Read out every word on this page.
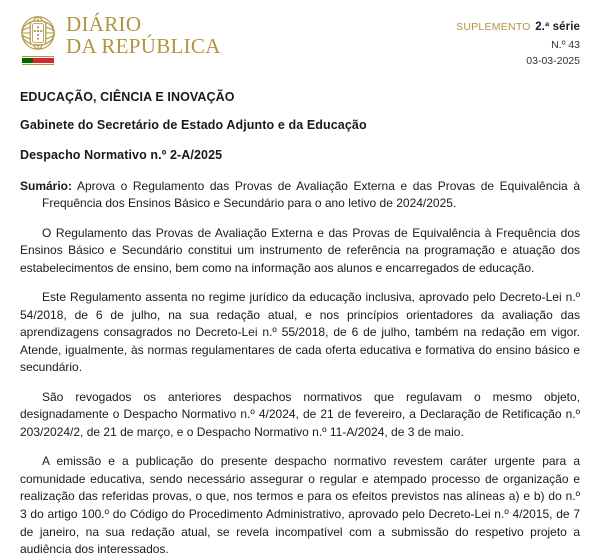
DIÁRIO
DA REPÚBLICA
SUPLEMENTO 2.ª série
N.º 43
03-03-2025
EDUCAÇÃO, CIÊNCIA E INOVAÇÃO
Gabinete do Secretário de Estado Adjunto e da Educação
Despacho Normativo n.º 2-A/2025
Sumário: Aprova o Regulamento das Provas de Avaliação Externa e das Provas de Equivalência à Frequência dos Ensinos Básico e Secundário para o ano letivo de 2024/2025.

O Regulamento das Provas de Avaliação Externa e das Provas de Equivalência à Frequência dos Ensinos Básico e Secundário constitui um instrumento de referência na programação e atuação dos estabelecimentos de ensino, bem como na informação aos alunos e encarregados de educação.

Este Regulamento assenta no regime jurídico da educação inclusiva, aprovado pelo Decreto-Lei n.º 54/2018, de 6 de julho, na sua redação atual, e nos princípios orientadores da avaliação das aprendizagens consagrados no Decreto-Lei n.º 55/2018, de 6 de julho, também na redação em vigor. Atende, igualmente, às normas regulamentares de cada oferta educativa e formativa do ensino básico e secundário.

São revogados os anteriores despachos normativos que regulavam o mesmo objeto, designadamente o Despacho Normativo n.º 4/2024, de 21 de fevereiro, a Declaração de Retificação n.º 203/2024/2, de 21 de março, e o Despacho Normativo n.º 11-A/2024, de 3 de maio.

A emissão e a publicação do presente despacho normativo revestem caráter urgente para a comunidade educativa, sendo necessário assegurar o regular e atempado processo de organização e realização das referidas provas, o que, nos termos e para os efeitos previstos nas alíneas a) e b) do n.º 3 do artigo 100.º do Código do Procedimento Administrativo, aprovado pelo Decreto-Lei n.º 4/2015, de 7 de janeiro, na sua redação atual, se revela incompatível com a submissão do respetivo projeto a audiência dos interessados.
